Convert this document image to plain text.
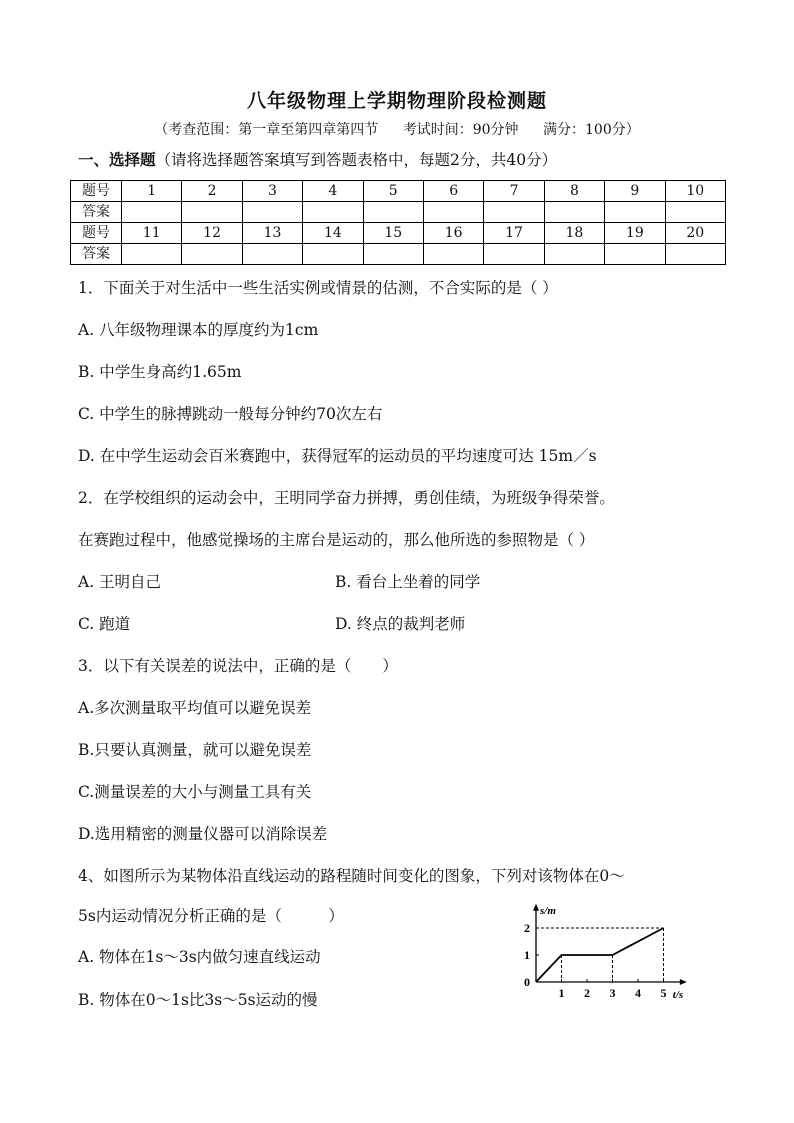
八年级物理上学期物理阶段检测题
（考查范围：第一章至第四章第四节 考试时间：90分钟 满分：100分）
一、选择题（请将选择题答案填写到答题表格中，每题2分，共40分）
题号	1	2	3	4	5	6	7	8	9	10
答案										
题号	11	12	13	14	15	16	17	18	19	20
答案										
1．下面关于对生活中一些生活实例或情景的估测，不合实际的是（ ）
A. 八年级物理课本的厚度约为1cm
B. 中学生身高约1.65m
C. 中学生的脉搏跳动一般每分钟约70次左右
D. 在中学生运动会百米赛跑中，获得冠军的运动员的平均速度可达 15m／s
2．在学校组织的运动会中，王明同学奋力拼搏，勇创佳绩，为班级争得荣誉。
在赛跑过程中，他感觉操场的主席台是运动的，那么他所选的参照物是（ ）
A. 王明自己	B. 看台上坐着的同学
C. 跑道	D. 终点的裁判老师
3．以下有关误差的说法中，正确的是（　　）
A.多次测量取平均值可以避免误差
B.只要认真测量，就可以避免误差
C.测量误差的大小与测量工具有关
D.选用精密的测量仪器可以消除误差
4、如图所示为某物体沿直线运动的路程随时间变化的图象，下列对该物体在0～
5s内运动情况分析正确的是（　　　）
A. 物体在1s～3s内做匀速直线运动
B. 物体在0～1s比3s～5s运动的慢
s/m
t/s
0
1 2 3 4 5
1
2
